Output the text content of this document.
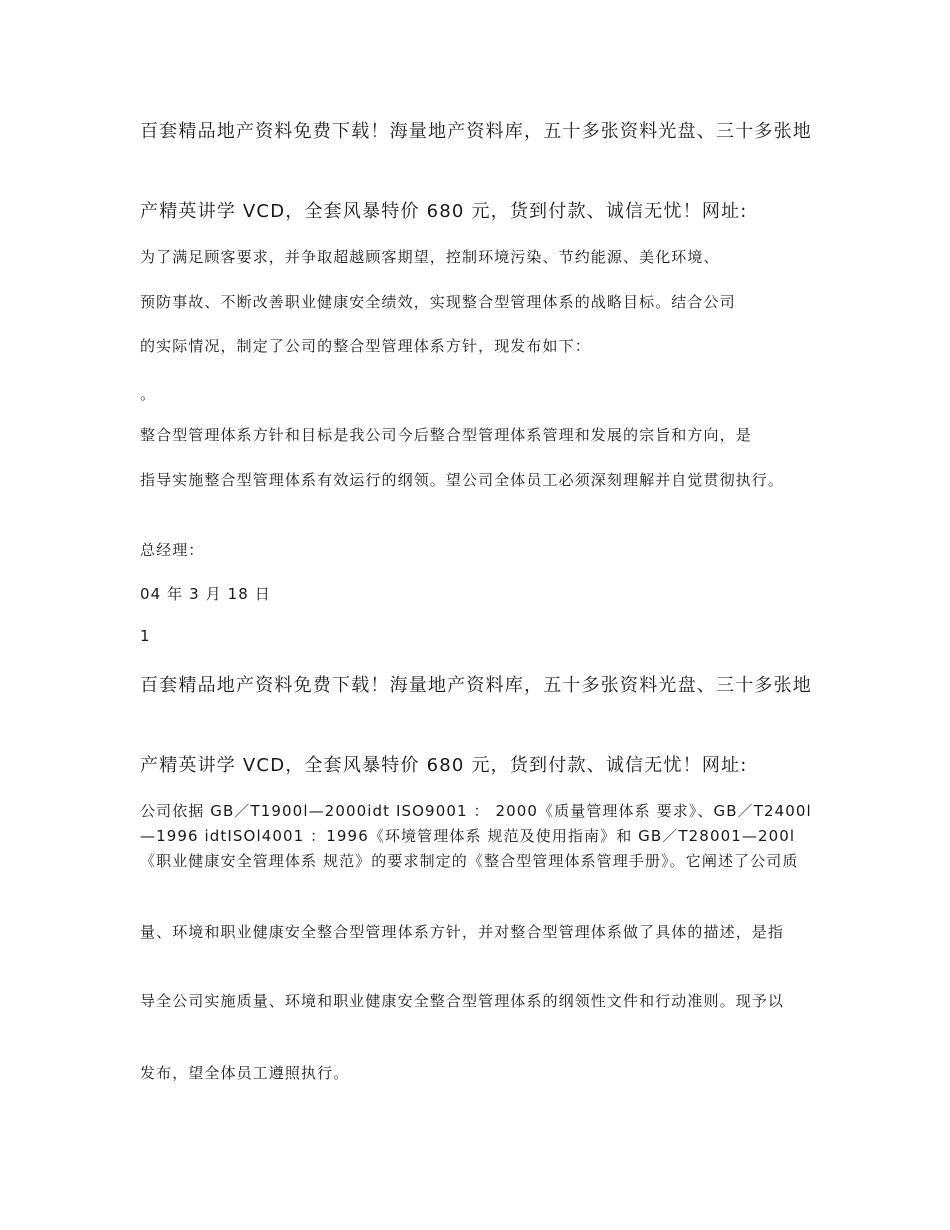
百套精品地产资料免费下载！海量地产资料库，五十多张资料光盘、三十多张地

产精英讲学 VCD，全套风暴特价 680 元，货到付款、诚信无忧！网址:

为了满足顾客要求，并争取超越顾客期望，控制环境污染、节约能源、美化环境、

预防事故、不断改善职业健康安全绩效，实现整合型管理体系的战略目标。结合公司

的实际情况，制定了公司的整合型管理体系方针，现发布如下：

。

整合型管理体系方针和目标是我公司今后整合型管理体系管理和发展的宗旨和方向，是

指导实施整合型管理体系有效运行的纲领。望公司全体员工必须深刻理解并自觉贯彻执行。

总经理：

04 年 3 月 18 日

1

百套精品地产资料免费下载！海量地产资料库，五十多张资料光盘、三十多张地

产精英讲学 VCD，全套风暴特价 680 元，货到付款、诚信无忧！网址:

公司依据 GB／T1900l—2000idt ISO9001 ： 2000《质量管理体系 要求》、GB／T2400l—1996 idtISOl4001 ：1996《环境管理体系 规范及使用指南》和 GB／T28001—200l《职业健康安全管理体系 规范》的要求制定的《整合型管理体系管理手册》。它阐述了公司质

量、环境和职业健康安全整合型管理体系方针，并对整合型管理体系做了具体的描述，是指

导全公司实施质量、环境和职业健康安全整合型管理体系的纲领性文件和行动准则。现予以

发布，望全体员工遵照执行。
